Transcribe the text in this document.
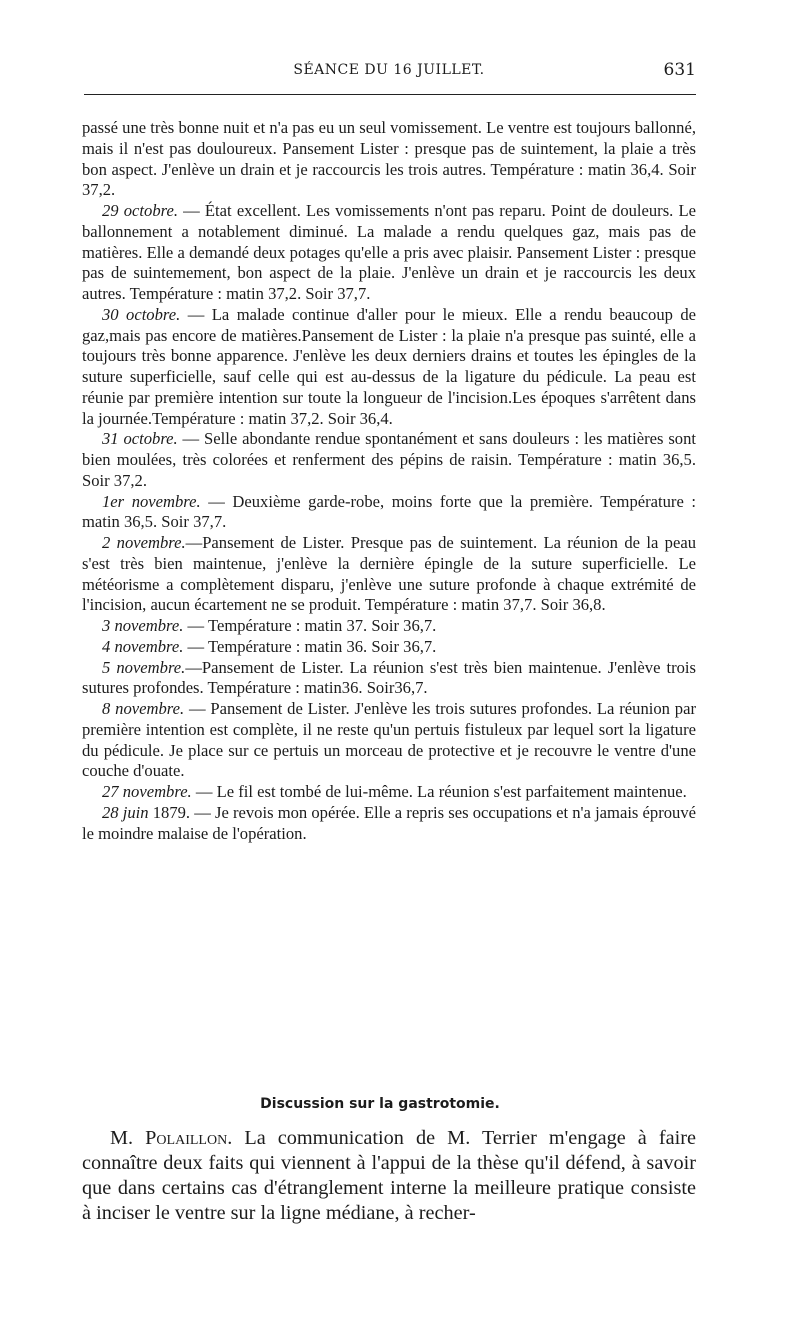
SÉANCE DU 16 JUILLET.	631

passé une très bonne nuit et n'a pas eu un seul vomissement. Le ventre est toujours ballonné, mais il n'est pas douloureux. Pansement Lister : presque pas de suintement, la plaie a très bon aspect. J'enlève un drain et je raccourcis les trois autres. Température : matin 36,4. Soir 37,2.

29 octobre. — État excellent. Les vomissements n'ont pas reparu. Point de douleurs. Le ballonnement a notablement diminué. La malade a rendu quelques gaz, mais pas de matières. Elle a demandé deux potages qu'elle a pris avec plaisir. Pansement Lister : presque pas de suintemement, bon aspect de la plaie. J'enlève un drain et je raccourcis les deux autres. Température : matin 37,2. Soir 37,7.

30 octobre. — La malade continue d'aller pour le mieux. Elle a rendu beaucoup de gaz,mais pas encore de matières.Pansement de Lister : la plaie n'a presque pas suinté, elle a toujours très bonne apparence. J'enlève les deux derniers drains et toutes les épingles de la suture superficielle, sauf celle qui est au-dessus de la ligature du pédicule. La peau est réunie par première intention sur toute la longueur de l'incision.Les époques s'arrêtent dans la journée.Température : matin 37,2. Soir 36,4.

31 octobre. — Selle abondante rendue spontanément et sans douleurs : les matières sont bien moulées, très colorées et renferment des pépins de raisin. Température : matin 36,5. Soir 37,2.

1er novembre. — Deuxième garde-robe, moins forte que la première. Température : matin 36,5. Soir 37,7.

2 novembre.—Pansement de Lister. Presque pas de suintement. La réunion de la peau s'est très bien maintenue, j'enlève la dernière épingle de la suture superficielle. Le météorisme a complètement disparu, j'enlève une suture profonde à chaque extrémité de l'incision, aucun écartement ne se produit. Température : matin 37,7. Soir 36,8.

3 novembre. — Température : matin 37. Soir 36,7.

4 novembre. — Température : matin 36. Soir 36,7.

5 novembre.—Pansement de Lister. La réunion s'est très bien maintenue. J'enlève trois sutures profondes. Température : matin36. Soir36,7.

8 novembre. — Pansement de Lister. J'enlève les trois sutures profondes. La réunion par première intention est complète, il ne reste qu'un pertuis fistuleux par lequel sort la ligature du pédicule. Je place sur ce pertuis un morceau de protective et je recouvre le ventre d'une couche d'ouate.

27 novembre. — Le fil est tombé de lui-même. La réunion s'est parfaitement maintenue.

28 juin 1879. — Je revois mon opérée. Elle a repris ses occupations et n'a jamais éprouvé le moindre malaise de l'opération.

Discussion sur la gastrotomie.

M. Polaillon. La communication de M. Terrier m'engage à faire connaître deux faits qui viennent à l'appui de la thèse qu'il défend, à savoir que dans certains cas d'étranglement interne la meilleure pratique consiste à inciser le ventre sur la ligne médiane, à recher-
